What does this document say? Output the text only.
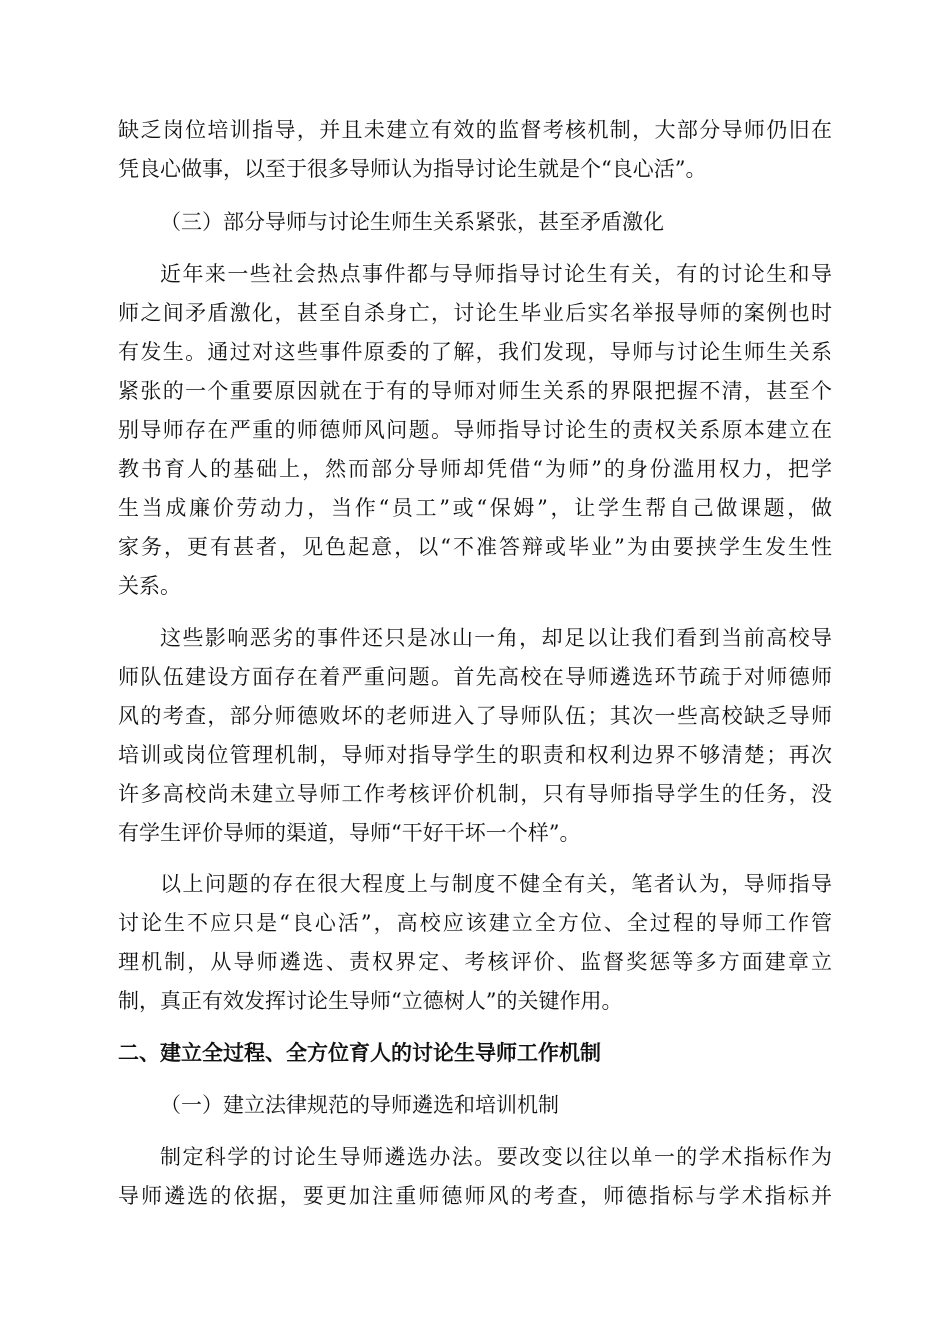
缺乏岗位培训指导，并且未建立有效的监督考核机制，大部分导师仍旧在
凭良心做事，以至于很多导师认为指导讨论生就是个“良心活”。
（三）部分导师与讨论生师生关系紧张，甚至矛盾激化
近年来一些社会热点事件都与导师指导讨论生有关，有的讨论生和导
师之间矛盾激化，甚至自杀身亡，讨论生毕业后实名举报导师的案例也时
有发生。通过对这些事件原委的了解，我们发现，导师与讨论生师生关系
紧张的一个重要原因就在于有的导师对师生关系的界限把握不清，甚至个
别导师存在严重的师德师风问题。导师指导讨论生的责权关系原本建立在
教书育人的基础上，然而部分导师却凭借“为师”的身份滥用权力，把学
生当成廉价劳动力，当作“员工”或“保姆”，让学生帮自己做课题，做
家务，更有甚者，见色起意，以“不准答辩或毕业”为由要挟学生发生性
关系。
这些影响恶劣的事件还只是冰山一角，却足以让我们看到当前高校导
师队伍建设方面存在着严重问题。首先高校在导师遴选环节疏于对师德师
风的考查，部分师德败坏的老师进入了导师队伍；其次一些高校缺乏导师
培训或岗位管理机制，导师对指导学生的职责和权利边界不够清楚；再次
许多高校尚未建立导师工作考核评价机制，只有导师指导学生的任务，没
有学生评价导师的渠道，导师“干好干坏一个样”。
以上问题的存在很大程度上与制度不健全有关，笔者认为，导师指导
讨论生不应只是“良心活”，高校应该建立全方位、全过程的导师工作管
理机制，从导师遴选、责权界定、考核评价、监督奖惩等多方面建章立
制，真正有效发挥讨论生导师“立德树人”的关键作用。
二、建立全过程、全方位育人的讨论生导师工作机制
（一）建立法律规范的导师遴选和培训机制
制定科学的讨论生导师遴选办法。要改变以往以单一的学术指标作为
导师遴选的依据，要更加注重师德师风的考查，师德指标与学术指标并
